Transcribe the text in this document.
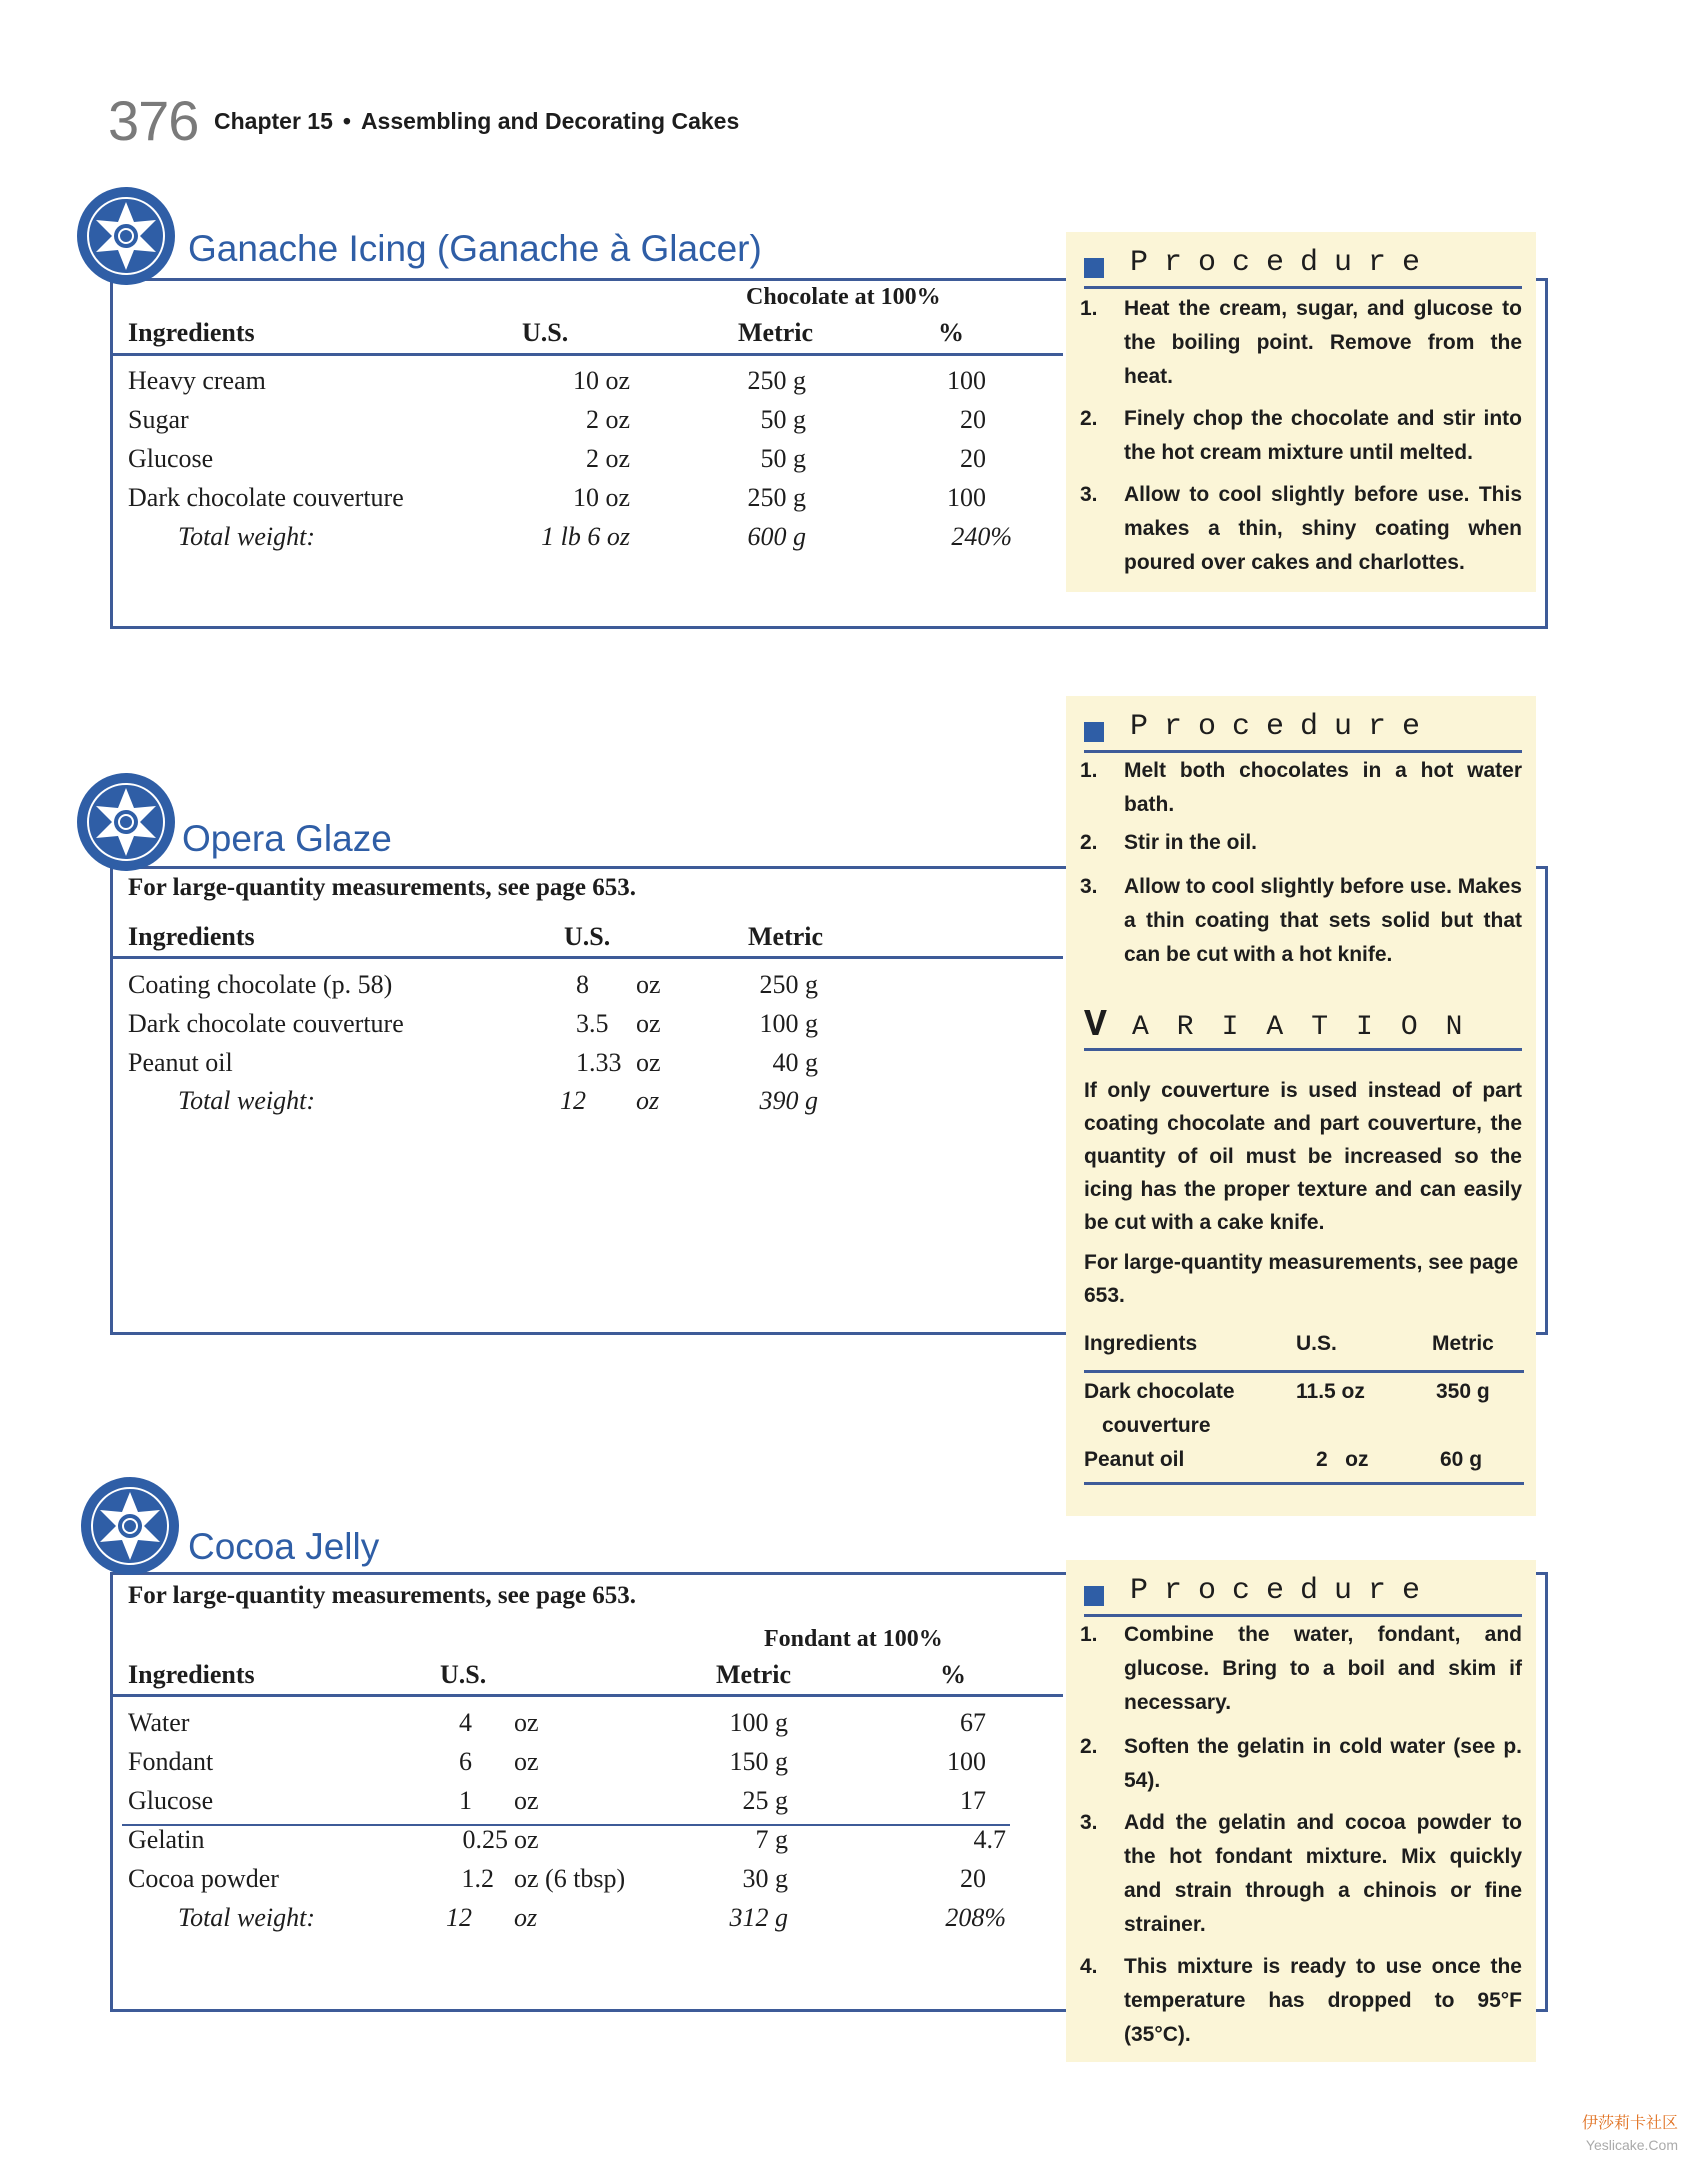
376 Chapter 15 • Assembling and Decorating Cakes
Ganache Icing (Ganache à Glacer)
Chocolate at 100%
Ingredients	U.S.	Metric	%
Heavy cream	10 oz	250 g	100
Sugar	2 oz	50 g	20
Glucose	2 oz	50 g	20
Dark chocolate couverture	10 oz	250 g	100
Total weight:	1 lb 6 oz	600 g	240%
Procedure
1. Heat the cream, sugar, and glucose to the boiling point. Remove from the heat.
2. Finely chop the chocolate and stir into the hot cream mixture until melted.
3. Allow to cool slightly before use. This makes a thin, shiny coating when poured over cakes and charlottes.
Opera Glaze
For large-quantity measurements, see page 653.
Ingredients	U.S.	Metric
Coating chocolate (p. 58)	8 oz	250 g
Dark chocolate couverture	3.5 oz	100 g
Peanut oil	1.33 oz	40 g
Total weight:	12 oz	390 g
Procedure
1. Melt both chocolates in a hot water bath.
2. Stir in the oil.
3. Allow to cool slightly before use. Makes a thin coating that sets solid but that can be cut with a hot knife.
V ARIATION
If only couverture is used instead of part coating chocolate and part couverture, the quantity of oil must be increased so the icing has the proper texture and can easily be cut with a cake knife.
For large-quantity measurements, see page 653.
Ingredients	U.S.	Metric
Dark chocolate	11.5 oz	350 g
couverture
Peanut oil	2   oz	60 g
Cocoa Jelly
For large-quantity measurements, see page 653.
Fondant at 100%
Ingredients	U.S.	Metric	%
Water	4 oz	100 g	67
Fondant	6 oz	150 g	100
Glucose	1 oz	25 g	17
Gelatin	0.25 oz	7 g	4.7
Cocoa powder	1.2 oz (6 tbsp)	30 g	20
Total weight:	12 oz	312 g	208%
Procedure
1. Combine the water, fondant, and glucose. Bring to a boil and skim if necessary.
2. Soften the gelatin in cold water (see p. 54).
3. Add the gelatin and cocoa powder to the hot fondant mixture. Mix quickly and strain through a chinois or fine strainer.
4. This mixture is ready to use once the temperature has dropped to 95°F (35°C).
伊莎莉卡社区
Yeslicake.Com
